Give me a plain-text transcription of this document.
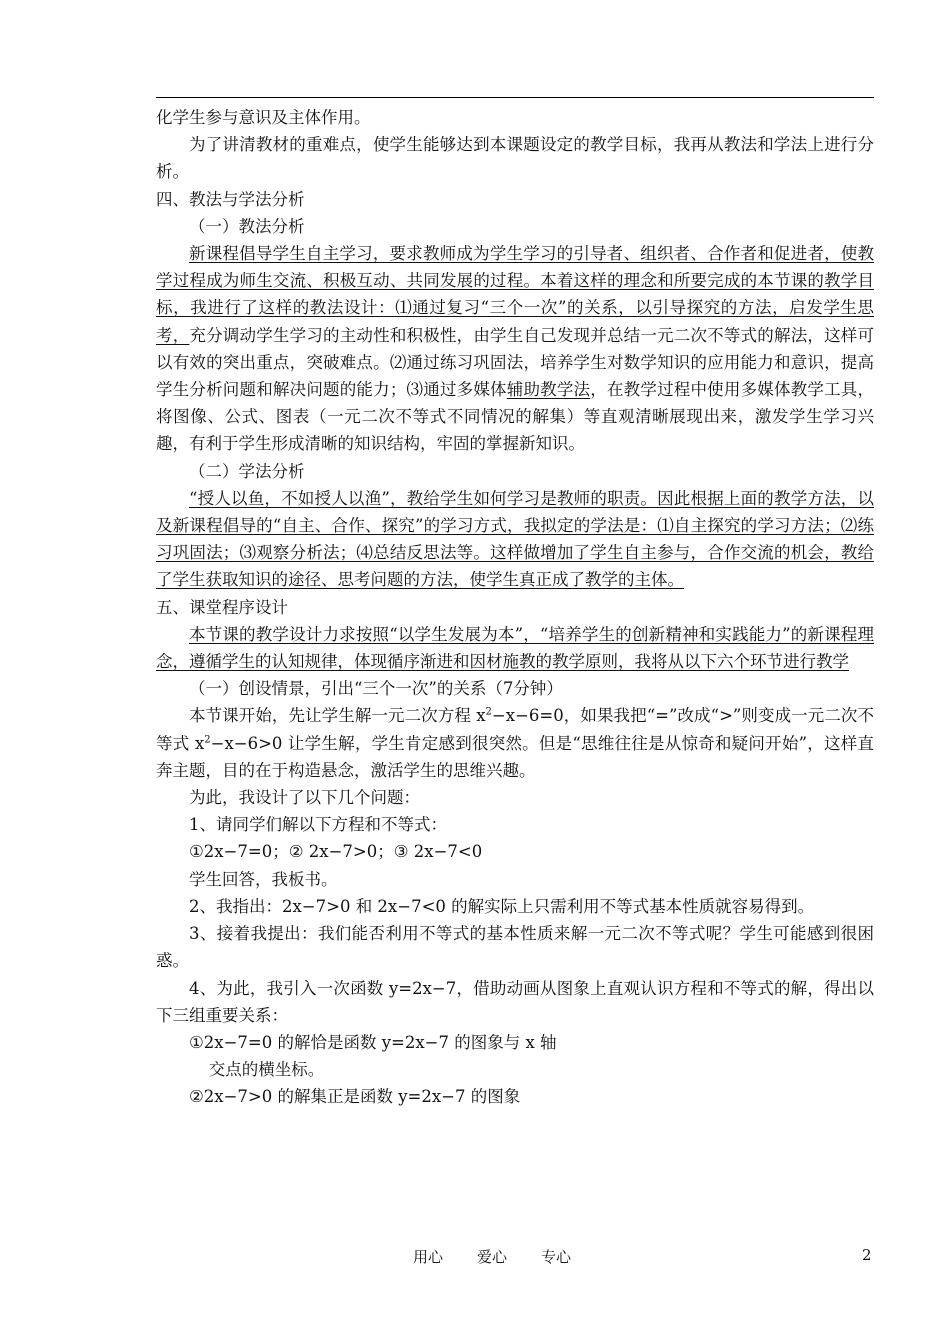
化学生参与意识及主体作用。

为了讲清教材的重难点，使学生能够达到本课题设定的教学目标，我再从教法和学法上进行分析。

四、教法与学法分析

（一）教法分析

新课程倡导学生自主学习，要求教师成为学生学习的引导者、组织者、合作者和促进者，使教学过程成为师生交流、积极互动、共同发展的过程。本着这样的理念和所要完成的本节课的教学目标，我进行了这样的教法设计：⑴通过复习“三个一次”的关系，以引导探究的方法，启发学生思考，充分调动学生学习的主动性和积极性，由学生自己发现并总结一元二次不等式的解法，这样可以有效的突出重点，突破难点。⑵通过练习巩固法，培养学生对数学知识的应用能力和意识，提高学生分析问题和解决问题的能力；⑶通过多媒体辅助教学法，在教学过程中使用多媒体教学工具，将图像、公式、图表（一元二次不等式不同情况的解集）等直观清晰展现出来，激发学生学习兴趣，有利于学生形成清晰的知识结构，牢固的掌握新知识。

（二）学法分析

“授人以鱼，不如授人以渔”，教给学生如何学习是教师的职责。因此根据上面的教学方法，以及新课程倡导的“自主、合作、探究”的学习方式，我拟定的学法是：⑴自主探究的学习方法；⑵练习巩固法；⑶观察分析法；⑷总结反思法等。这样做增加了学生自主参与，合作交流的机会，教给了学生获取知识的途径、思考问题的方法，使学生真正成了教学的主体。

五、课堂程序设计

本节课的教学设计力求按照“以学生发展为本”，“培养学生的创新精神和实践能力”的新课程理念，遵循学生的认知规律，体现循序渐进和因材施教的教学原则，我将从以下六个环节进行教学

（一）创设情景，引出“三个一次”的关系（7分钟）

本节课开始，先让学生解一元二次方程 $x^2-x-6=0$，如果我把“=”改成“>”则变成一元二次不等式 $x^2-x-6>0$ 让学生解，学生肯定感到很突然。但是“思维往往是从惊奇和疑问开始”，这样直奔主题，目的在于构造悬念，激活学生的思维兴趣。

为此，我设计了以下几个问题：

1、请同学们解以下方程和不等式：

①2x−7=0；② 2x−7>0；③ 2x−7<0

学生回答，我板书。

2、我指出：2x−7>0 和 2x−7<0 的解实际上只需利用不等式基本性质就容易得到。

3、接着我提出：我们能否利用不等式的基本性质来解一元二次不等式呢？学生可能感到很困惑。

4、为此，我引入一次函数 y=2x−7，借助动画从图象上直观认识方程和不等式的解，得出以下三组重要关系：

①2x−7=0 的解恰是函数 y=2x−7 的图象与 x 轴

交点的横坐标。

②2x−7>0 的解集正是函数 y=2x−7 的图象

用心 爱心 专心	2
